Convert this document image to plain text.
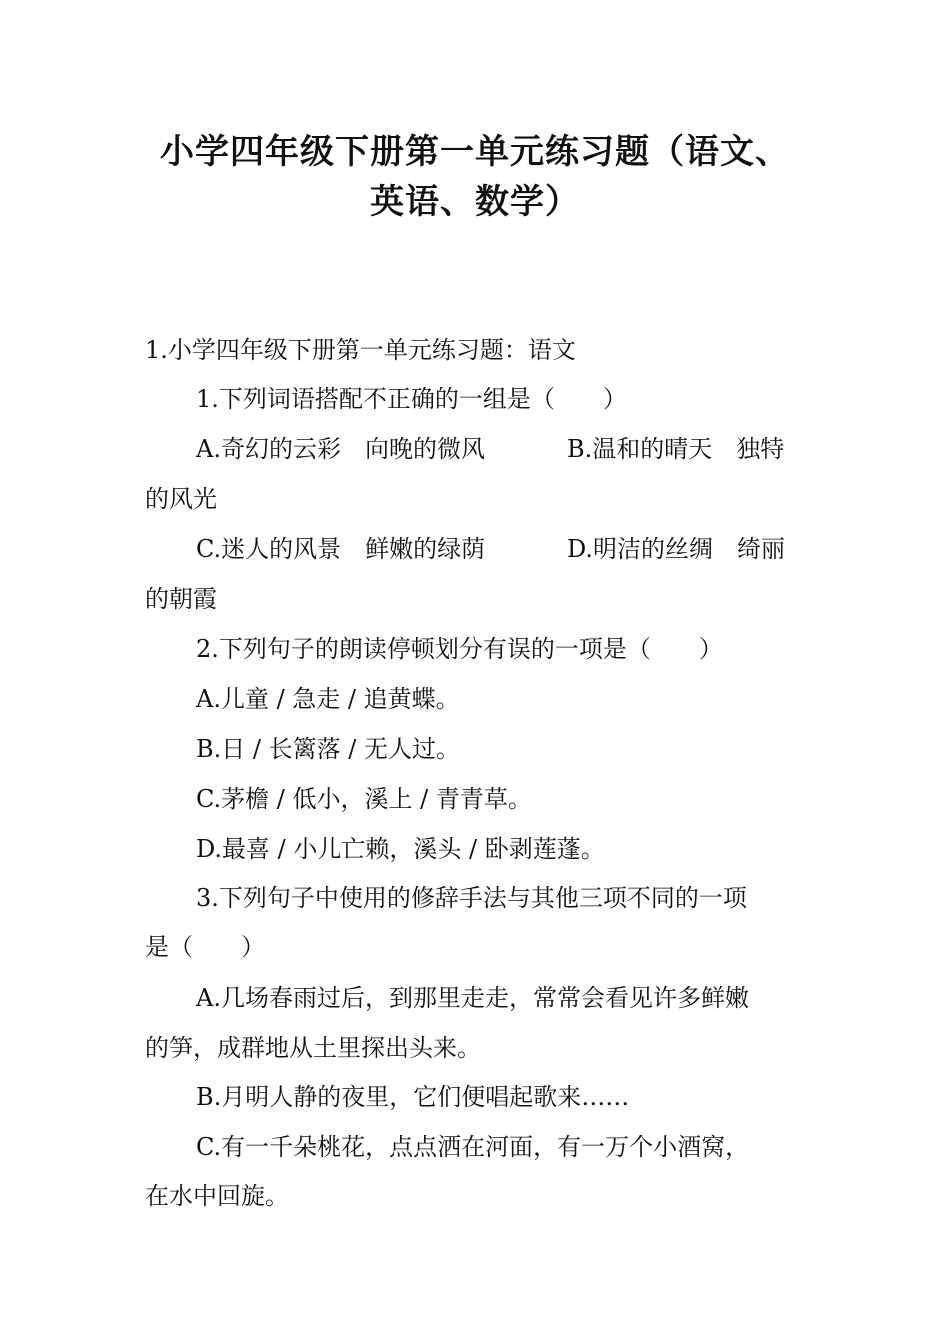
小学四年级下册第一单元练习题（语文、
英语、数学）

1.小学四年级下册第一单元练习题：语文

1.下列词语搭配不正确的一组是（　　）

A.奇幻的云彩　向晚的微风	B.温和的晴天　独特

的风光

C.迷人的风景　鲜嫩的绿荫	D.明洁的丝绸　绮丽

的朝霞

2.下列句子的朗读停顿划分有误的一项是（　　）

A.儿童 / 急走 / 追黄蝶。

B.日 / 长篱落 / 无人过。

C.茅檐 / 低小，溪上 / 青青草。

D.最喜 / 小儿亡赖，溪头 / 卧剥莲蓬。

3.下列句子中使用的修辞手法与其他三项不同的一项

是（　　）

A.几场春雨过后，到那里走走，常常会看见许多鲜嫩

的笋，成群地从土里探出头来。

B.月明人静的夜里，它们便唱起歌来……

C.有一千朵桃花，点点洒在河面，有一万个小酒窝，

在水中回旋。
